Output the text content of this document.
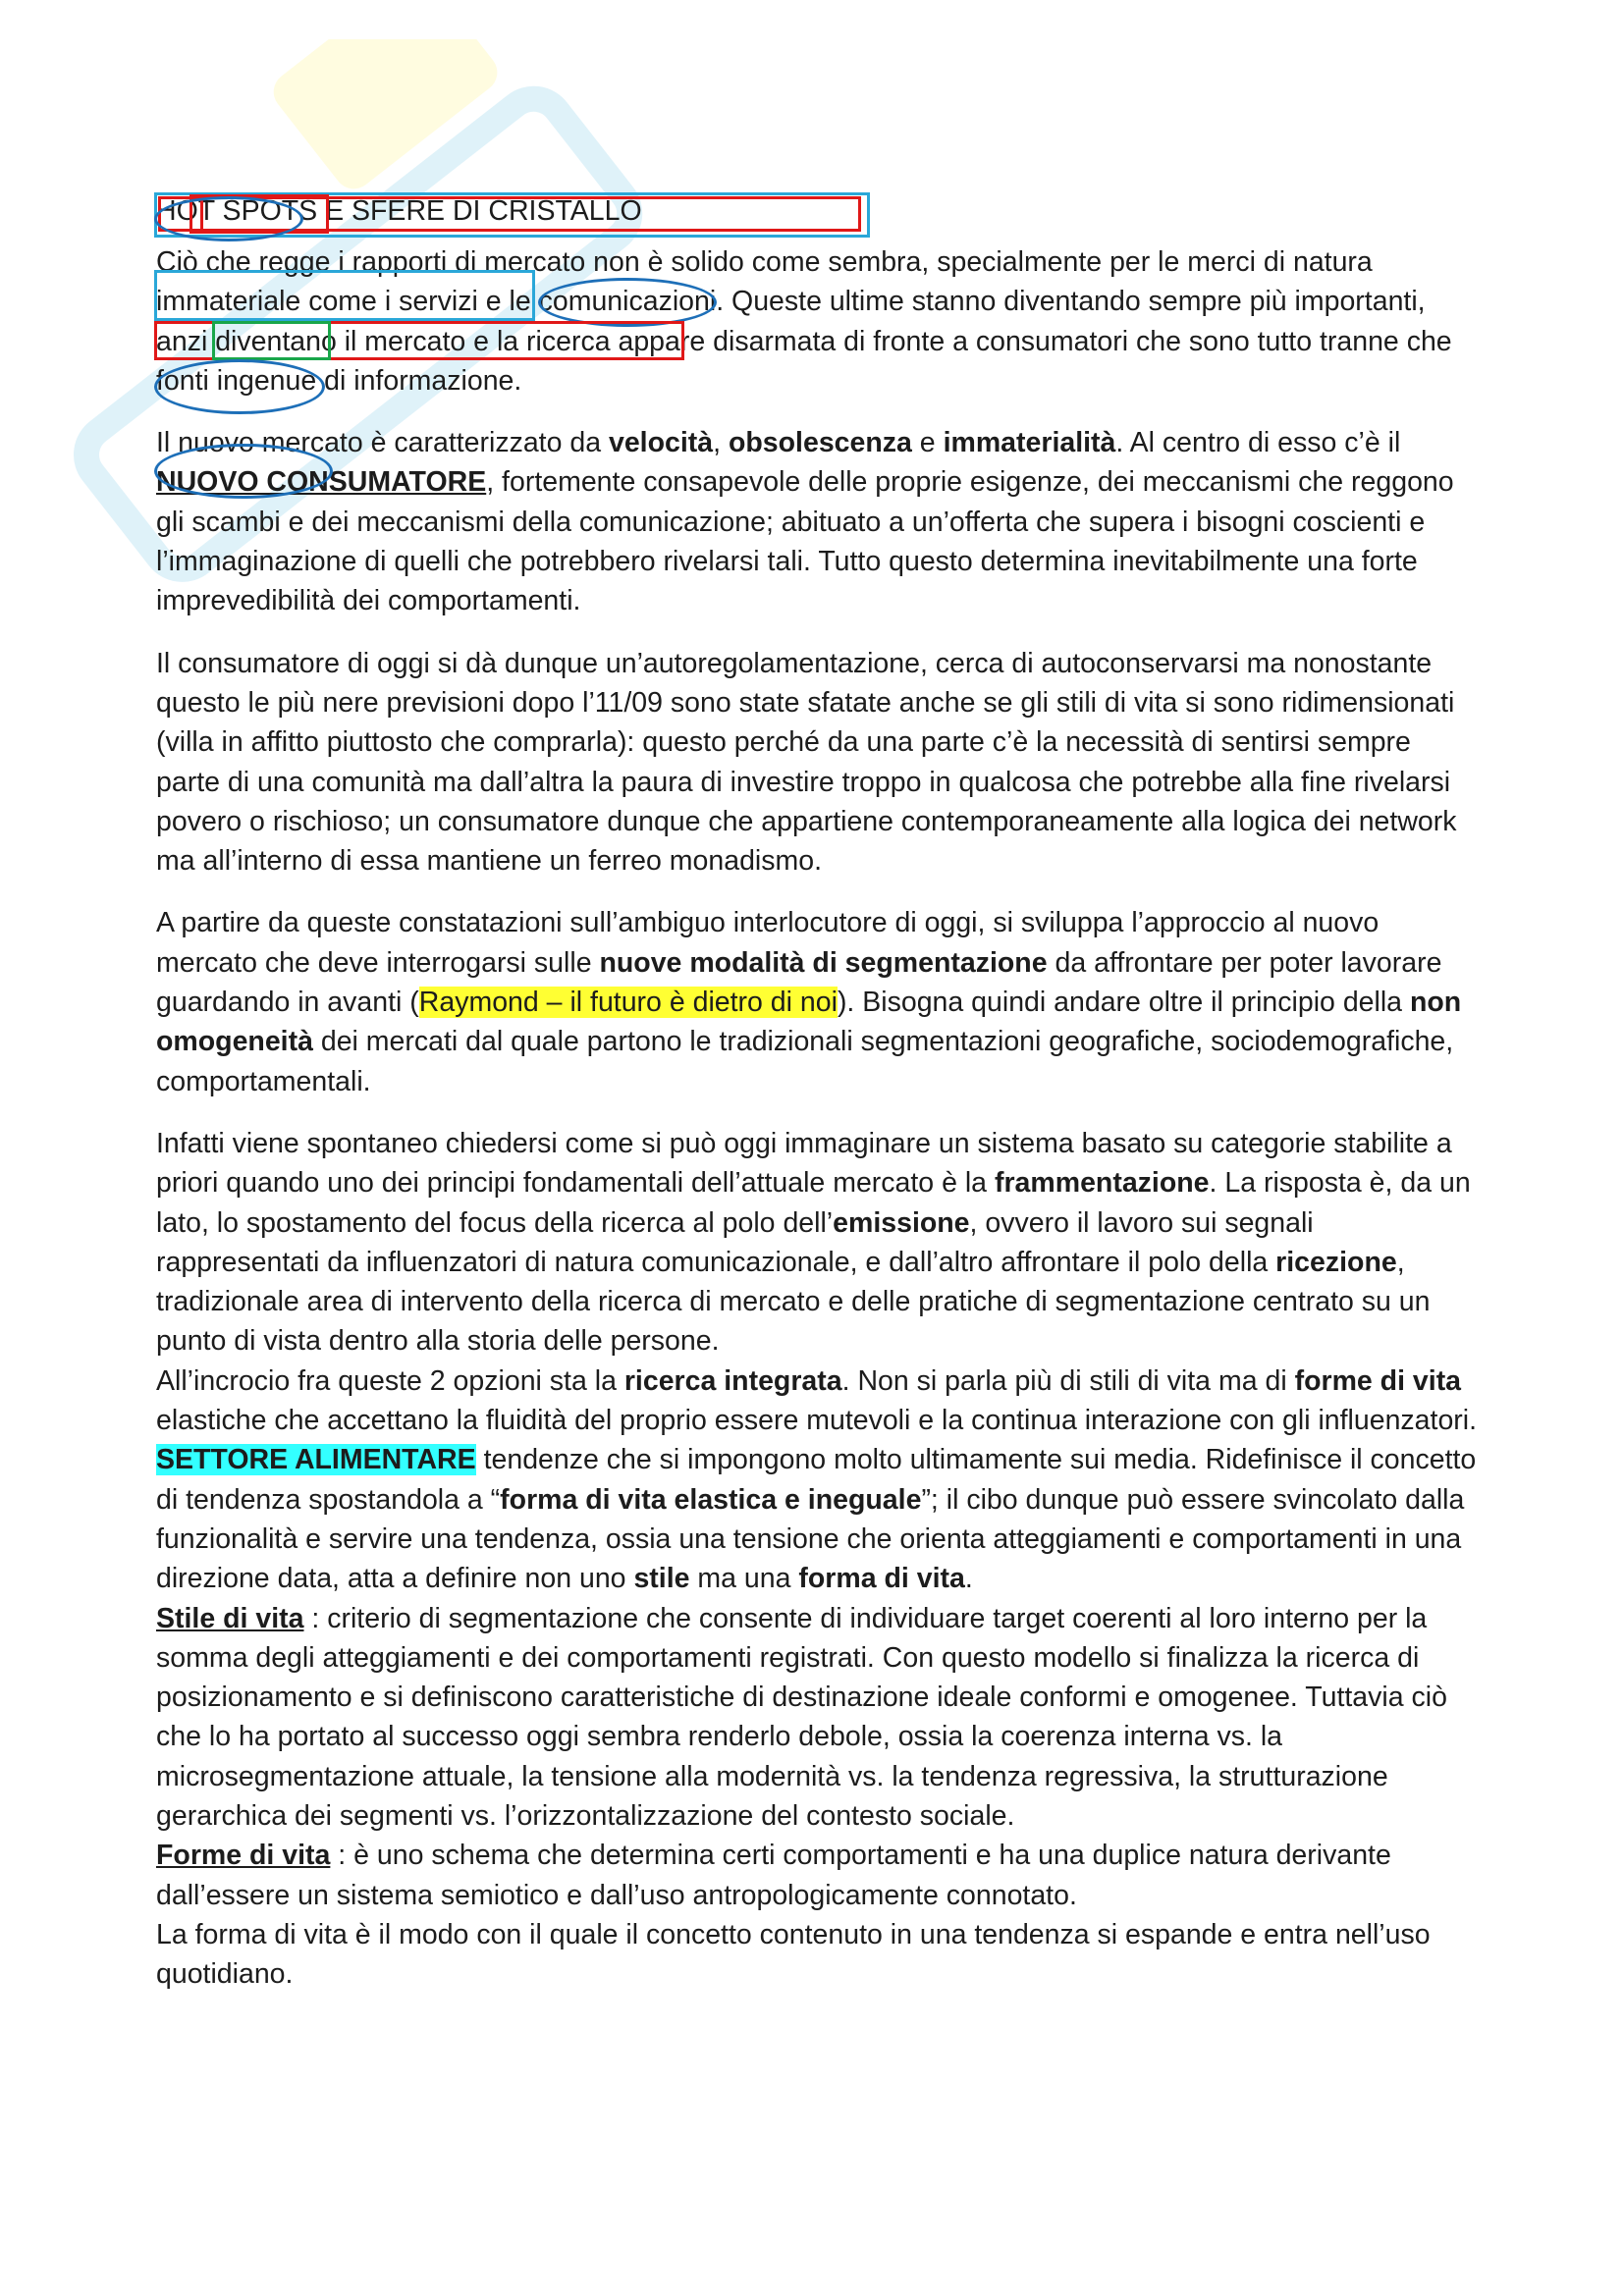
HOT SPOTS E SFERE DI CRISTALLO

Ciò che regge i rapporti di mercato non è solido come sembra, specialmente per le merci di natura immateriale come i servizi e le comunicazioni. Queste ultime stanno diventando sempre più importanti, anzi diventano il mercato e la ricerca appare disarmata di fronte a consumatori che sono tutto tranne che fonti ingenue di informazione.

Il nuovo mercato è caratterizzato da velocità, obsolescenza e immaterialità. Al centro di esso c’è il NUOVO CONSUMATORE, fortemente consapevole delle proprie esigenze, dei meccanismi che reggono gli scambi e dei meccanismi della comunicazione; abituato a un’offerta che supera i bisogni coscienti e l’immaginazione di quelli che potrebbero rivelarsi tali. Tutto questo determina inevitabilmente una forte imprevedibilità dei comportamenti.

Il consumatore di oggi si dà dunque un’autoregolamentazione, cerca di autoconservarsi ma nonostante questo le più nere previsioni dopo l’11/09 sono state sfatate anche se gli stili di vita si sono ridimensionati (villa in affitto piuttosto che comprarla): questo perché da una parte c’è la necessità di sentirsi sempre parte di una comunità ma dall’altra la paura di investire troppo in qualcosa che potrebbe alla fine rivelarsi povero o rischioso; un consumatore dunque che appartiene contemporaneamente alla logica dei network ma all’interno di essa mantiene un ferreo monadismo.

A partire da queste constatazioni sull’ambiguo interlocutore di oggi, si sviluppa l’approccio al nuovo mercato che deve interrogarsi sulle nuove modalità di segmentazione da affrontare per poter lavorare guardando in avanti (Raymond – il futuro è dietro di noi). Bisogna quindi andare oltre il principio della non omogeneità dei mercati dal quale partono le tradizionali segmentazioni geografiche, sociodemografiche, comportamentali.

Infatti viene spontaneo chiedersi come si può oggi immaginare un sistema basato su categorie stabilite a priori quando uno dei principi fondamentali dell’attuale mercato è la frammentazione. La risposta è, da un lato, lo spostamento del focus della ricerca al polo dell’emissione, ovvero il lavoro sui segnali rappresentati da influenzatori di natura comunicazionale, e dall’altro affrontare il polo della ricezione, tradizionale area di intervento della ricerca di mercato e delle pratiche di segmentazione centrato su un punto di vista dentro alla storia delle persone.

All’incrocio fra queste 2 opzioni sta la ricerca integrata. Non si parla più di stili di vita ma di forme di vita elastiche che accettano la fluidità del proprio essere mutevoli e la continua interazione con gli influenzatori.

SETTORE ALIMENTARE tendenze che si impongono molto ultimamente sui media. Ridefinisce il concetto di tendenza spostandola a “forma di vita elastica e ineguale”; il cibo dunque può essere svincolato dalla funzionalità e servire una tendenza, ossia una tensione che orienta atteggiamenti e comportamenti in una direzione data, atta a definire non uno stile ma una forma di vita.

Stile di vita : criterio di segmentazione che consente di individuare target coerenti al loro interno per la somma degli atteggiamenti e dei comportamenti registrati. Con questo modello si finalizza la ricerca di posizionamento e si definiscono caratteristiche di destinazione ideale conformi e omogenee. Tuttavia ciò che lo ha portato al successo oggi sembra renderlo debole, ossia la coerenza interna vs. la microsegmentazione attuale, la tensione alla modernità vs. la tendenza regressiva, la strutturazione gerarchica dei segmenti vs. l’orizzontalizzazione del contesto sociale.

Forme di vita : è uno schema che determina certi comportamenti e ha una duplice natura derivante dall’essere un sistema semiotico e dall’uso antropologicamente connotato.

La forma di vita è il modo con il quale il concetto contenuto in una tendenza si espande e entra nell’uso quotidiano.
